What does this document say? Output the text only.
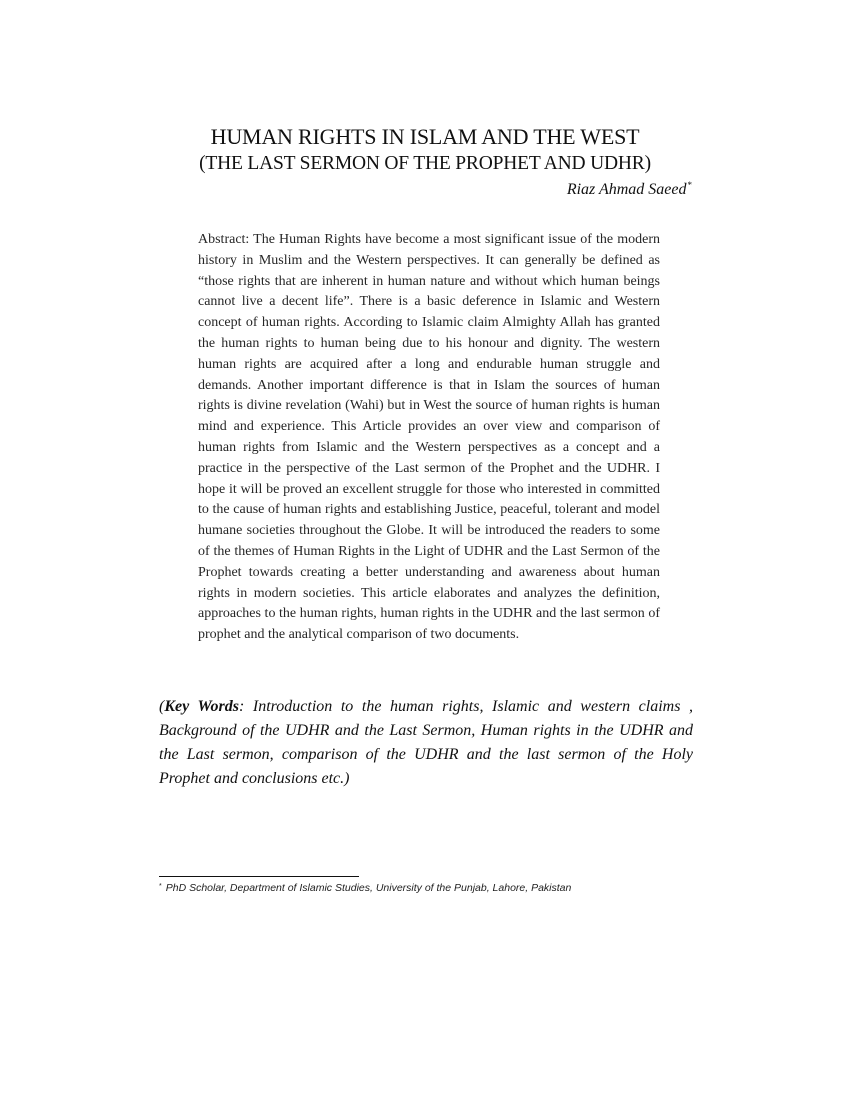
HUMAN RIGHTS IN ISLAM AND THE WEST
(THE LAST SERMON OF THE PROPHET AND UDHR)
Riaz Ahmad Saeed*

Abstract: The Human Rights have become a most significant issue of the modern history in Muslim and the Western perspectives. It can generally be defined as “those rights that are inherent in human nature and without which human beings cannot live a decent life”. There is a basic deference in Islamic and Western concept of human rights. According to Islamic claim Almighty Allah has granted the human rights to human being due to his honour and dignity. The western human rights are acquired after a long and endurable human struggle and demands. Another important difference is that in Islam the sources of human rights is divine revelation (Wahi) but in West the source of human rights is human mind and experience. This Article provides an over view and comparison of human rights from Islamic and the Western perspectives as a concept and a practice in the perspective of the Last sermon of the Prophet and the UDHR. I hope it will be proved an excellent struggle for those who interested in committed to the cause of human rights and establishing Justice, peaceful, tolerant and model humane societies throughout the Globe. It will be introduced the readers to some of the themes of Human Rights in the Light of UDHR and the Last Sermon of the Prophet towards creating a better understanding and awareness about human rights in modern societies. This article elaborates and analyzes the definition, approaches to the human rights, human rights in the UDHR and the last sermon of prophet and the analytical comparison of two documents.

(Key Words: Introduction to the human rights, Islamic and western claims , Background of the UDHR and the Last Sermon, Human rights in the UDHR and the Last sermon, comparison of the UDHR and the last sermon of the Holy Prophet and conclusions etc.)

* PhD Scholar, Department of Islamic Studies, University of the Punjab, Lahore, Pakistan
